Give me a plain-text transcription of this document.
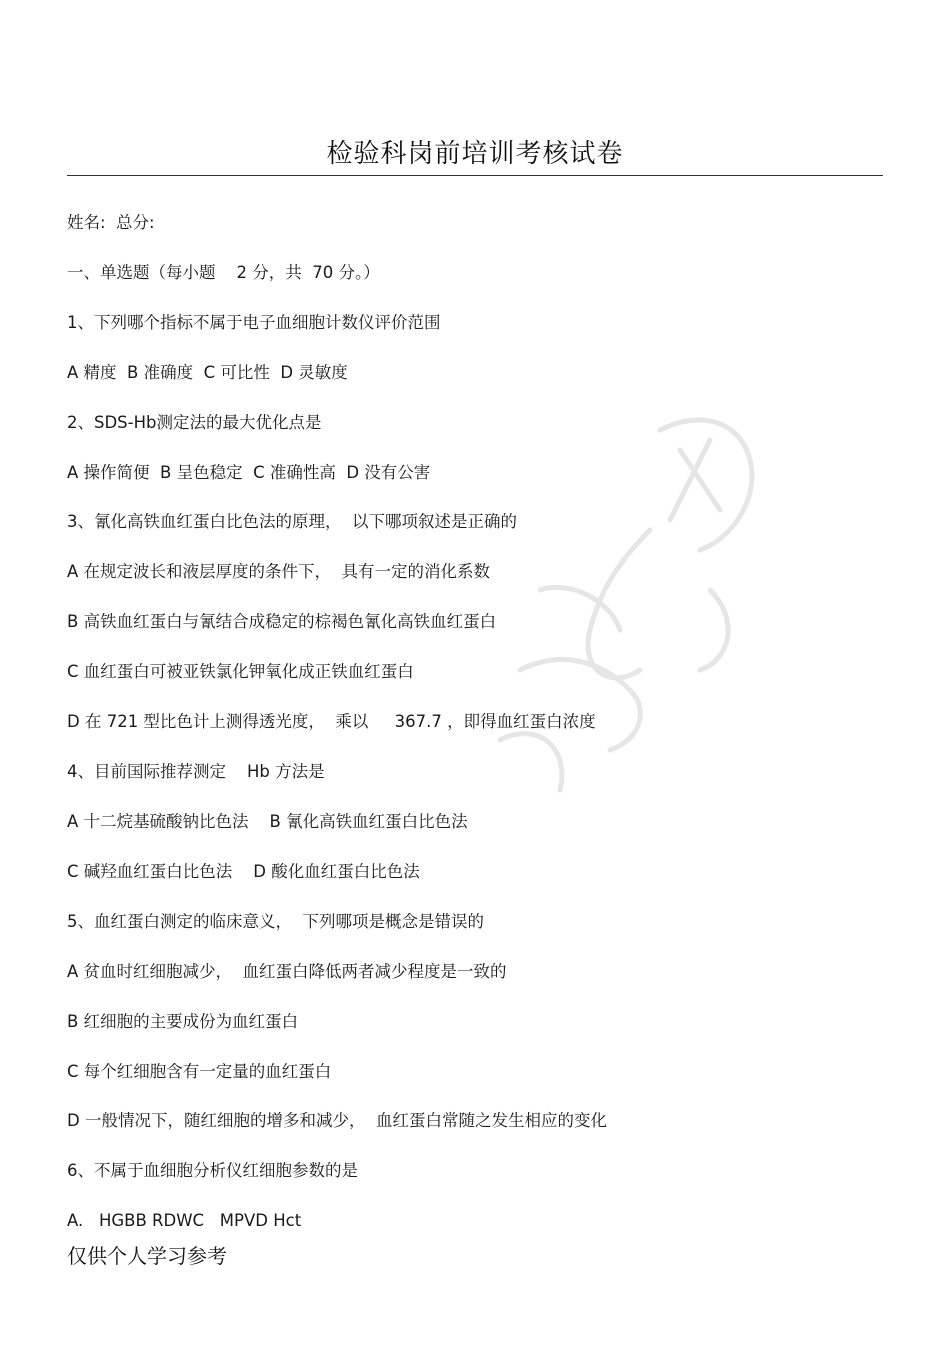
检验科岗前培训考核试卷
姓名:  总分:
一、单选题（每小题    2 分，共  70 分。）
1、下列哪个指标不属于电子血细胞计数仪评价范围
A 精度  B 准确度  C 可比性  D 灵敏度
2、SDS-Hb测定法的最大优化点是
A 操作简便  B 呈色稳定  C 准确性高  D 没有公害
3、氰化高铁血红蛋白比色法的原理，  以下哪项叙述是正确的
A 在规定波长和液层厚度的条件下，  具有一定的消化系数
B 高铁血红蛋白与氰结合成稳定的棕褐色氰化高铁血红蛋白
C 血红蛋白可被亚铁氯化钾氧化成正铁血红蛋白
D 在 721 型比色计上测得透光度，  乘以     367.7 ，即得血红蛋白浓度
4、目前国际推荐测定    Hb 方法是
A 十二烷基硫酸钠比色法    B 氰化高铁血红蛋白比色法
C 碱羟血红蛋白比色法    D 酸化血红蛋白比色法
5、血红蛋白测定的临床意义，  下列哪项是概念是错误的
A 贫血时红细胞减少，  血红蛋白降低两者减少程度是一致的
B 红细胞的主要成份为血红蛋白
C 每个红细胞含有一定量的血红蛋白
D 一般情况下，随红细胞的增多和减少，  血红蛋白常随之发生相应的变化
6、不属于血细胞分析仪红细胞参数的是
A.   HGBB RDWC   MPVD Hct
仅供个人学习参考
